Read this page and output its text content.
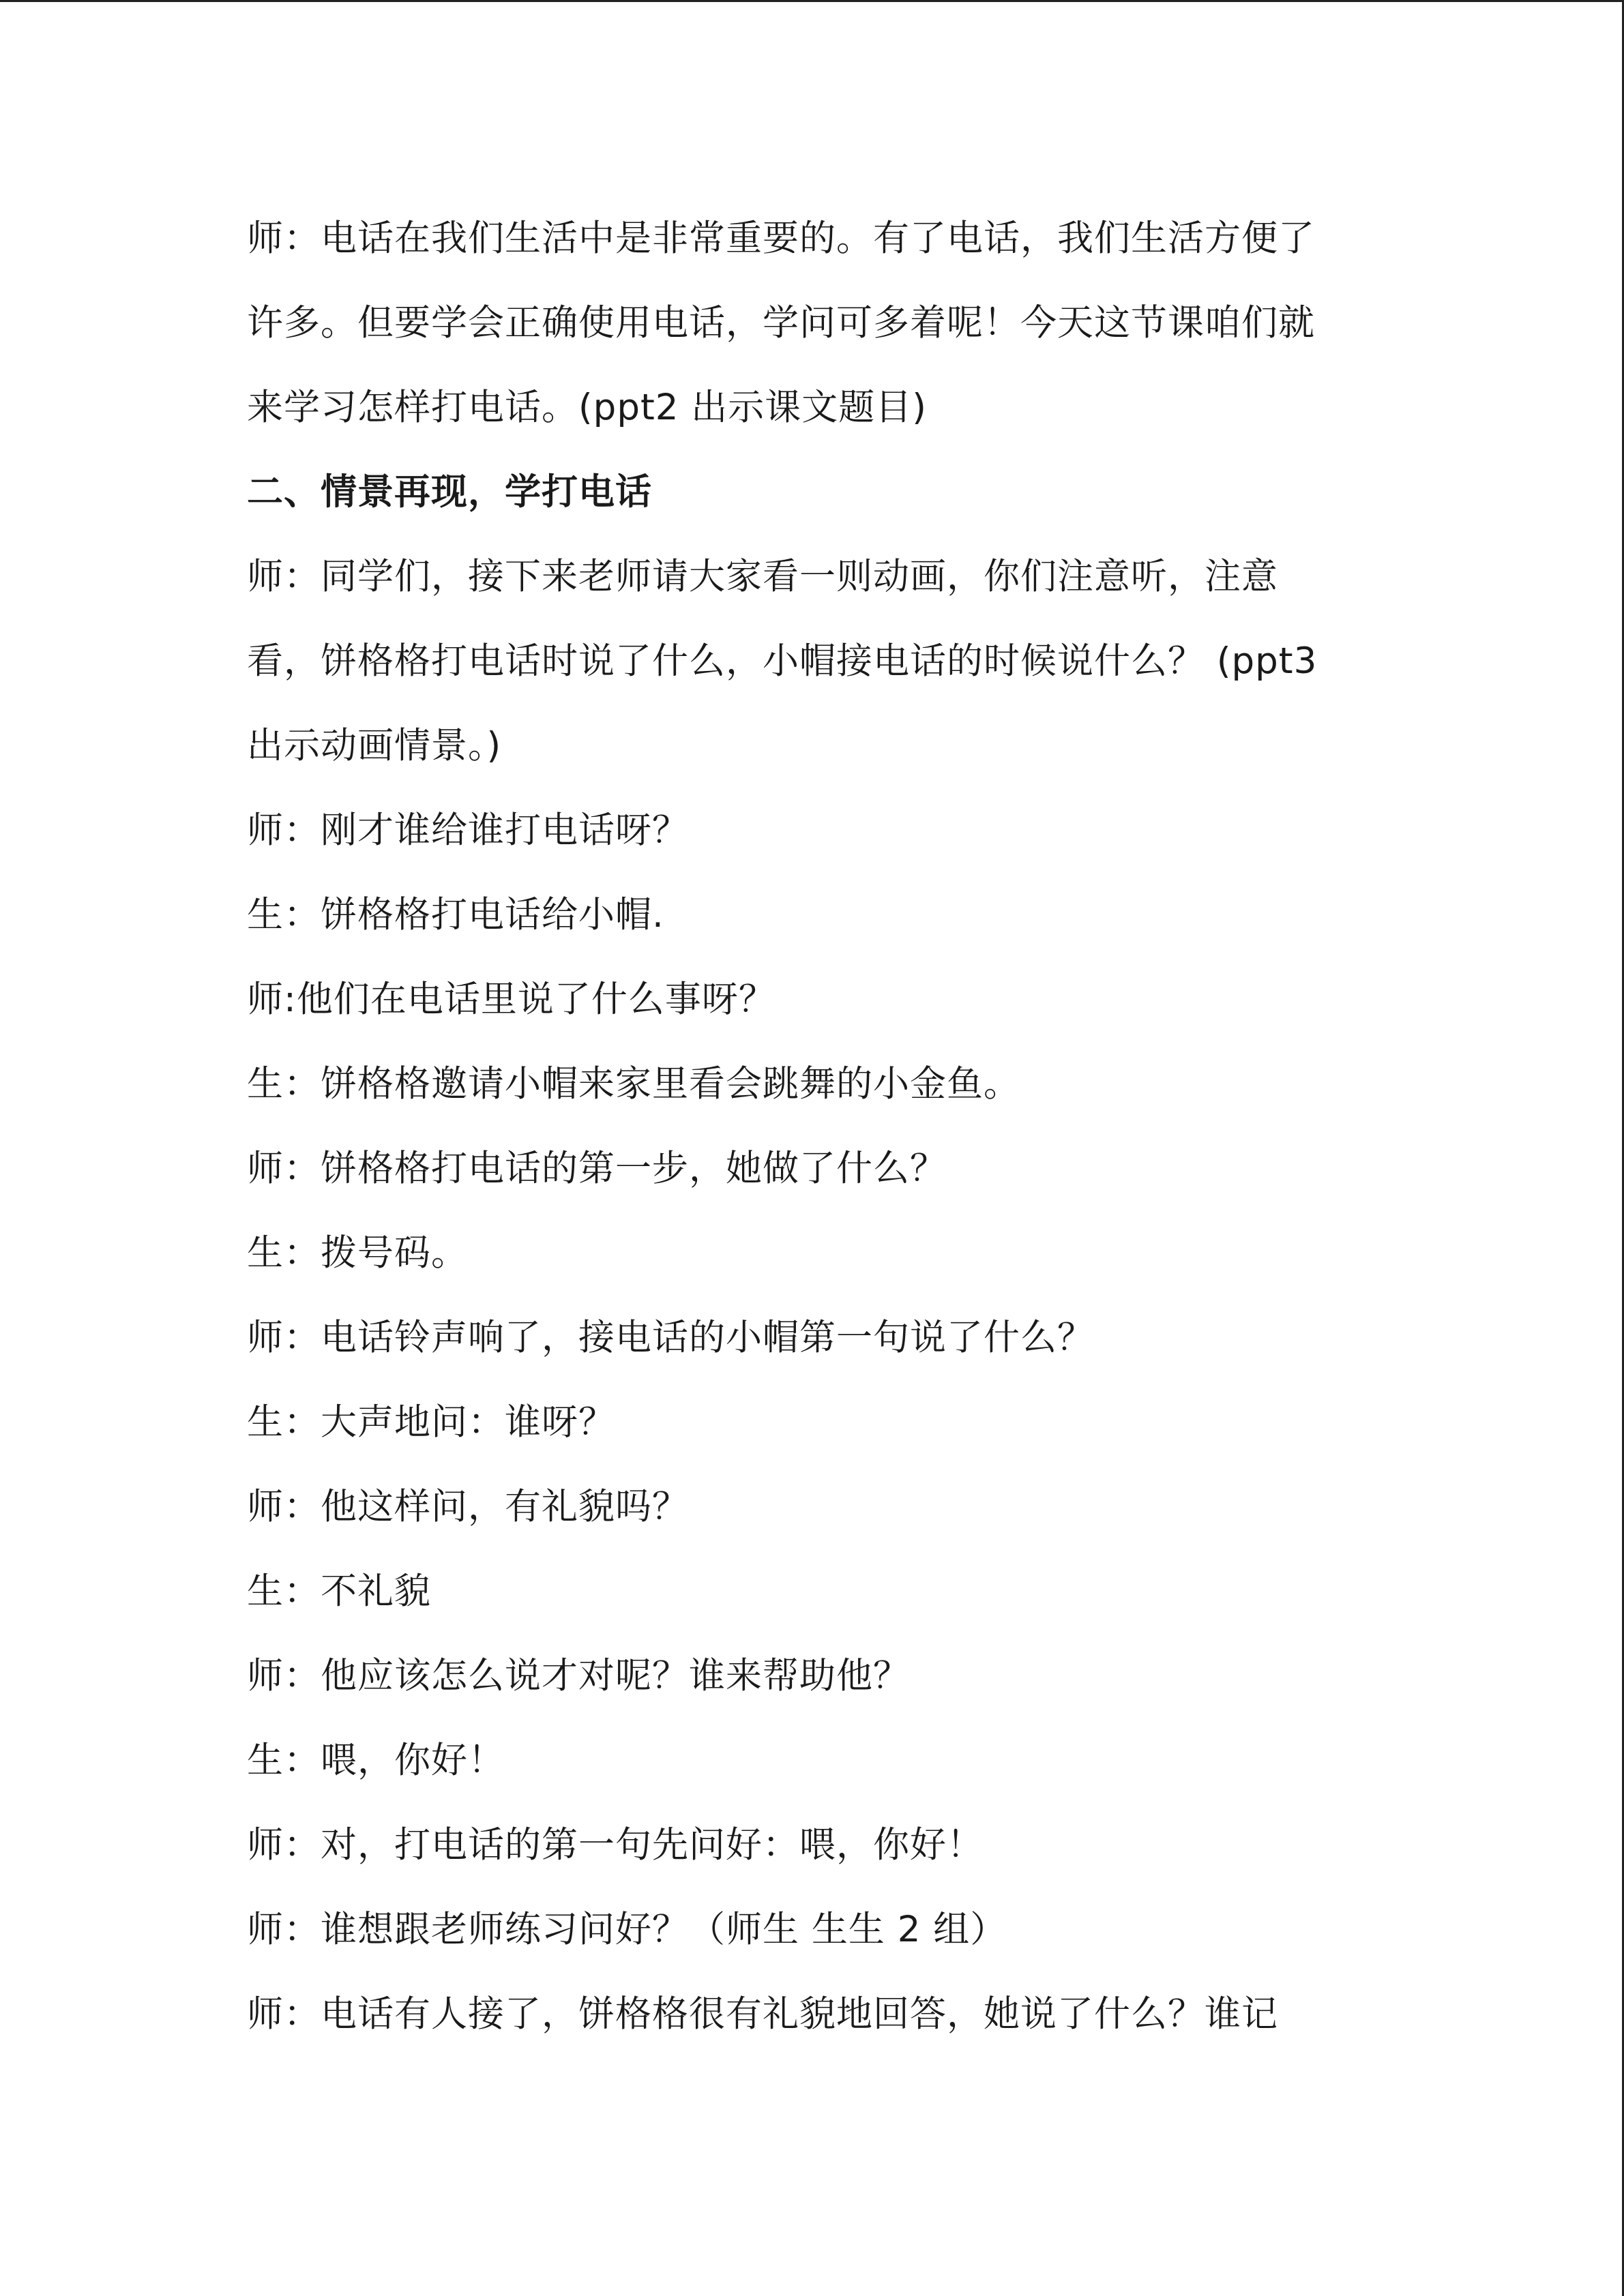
师：电话在我们生活中是非常重要的。有了电话，我们生活方便了
许多。但要学会正确使用电话，学问可多着呢！今天这节课咱们就
来学习怎样打电话。(ppt2 出示课文题目)
二、情景再现，学打电话
师：同学们，接下来老师请大家看一则动画，你们注意听，注意
看，饼格格打电话时说了什么，小帽接电话的时候说什么？ (ppt3
出示动画情景。)
师：刚才谁给谁打电话呀？
生：饼格格打电话给小帽.
师:他们在电话里说了什么事呀？
生：饼格格邀请小帽来家里看会跳舞的小金鱼。
师：饼格格打电话的第一步，她做了什么？
生：拨号码。
师：电话铃声响了，接电话的小帽第一句说了什么？
生：大声地问：谁呀？
师：他这样问，有礼貌吗？
生：不礼貌
师：他应该怎么说才对呢？谁来帮助他？
生：喂，你好！
师：对，打电话的第一句先问好：喂，你好！
师：谁想跟老师练习问好？（师生 生生 2 组）
师：电话有人接了，饼格格很有礼貌地回答，她说了什么？谁记
